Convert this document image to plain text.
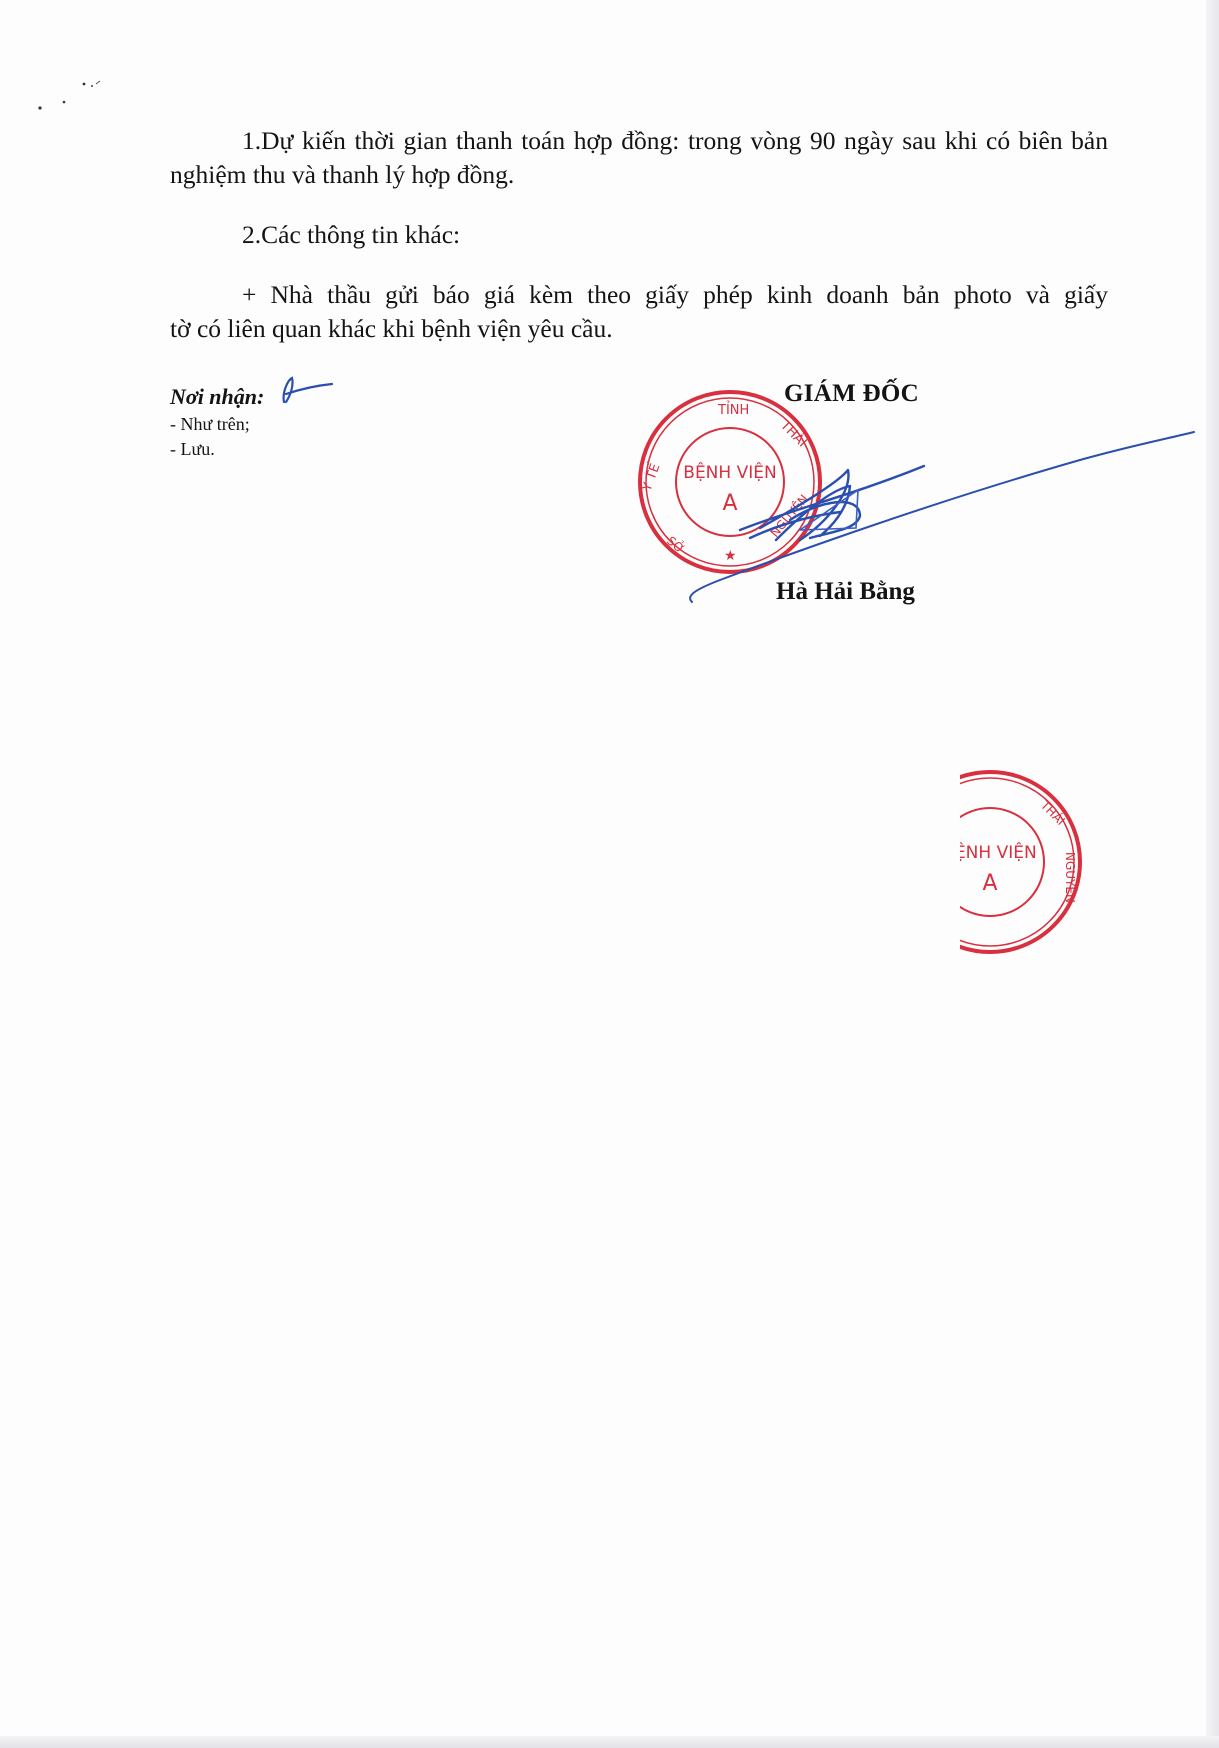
1.Dự kiến thời gian thanh toán hợp đồng: trong vòng 90 ngày sau khi có biên bản nghiệm thu và thanh lý hợp đồng.

2.Các thông tin khác:

+ Nhà thầu gửi báo giá kèm theo giấy phép kinh doanh bản photo và giấy
tờ có liên quan khác khi bệnh viện yêu cầu.
Nơi nhận:
- Như trên;
- Lưu.
TỈNH
Y TẾ
THÁI
SỞ
NGUYÊN
BỆNH VIỆN
A
★
BỆNH VIỆN
A
THÁI
NGUYÊN
GIÁM ĐỐC
Hà Hải Bằng
